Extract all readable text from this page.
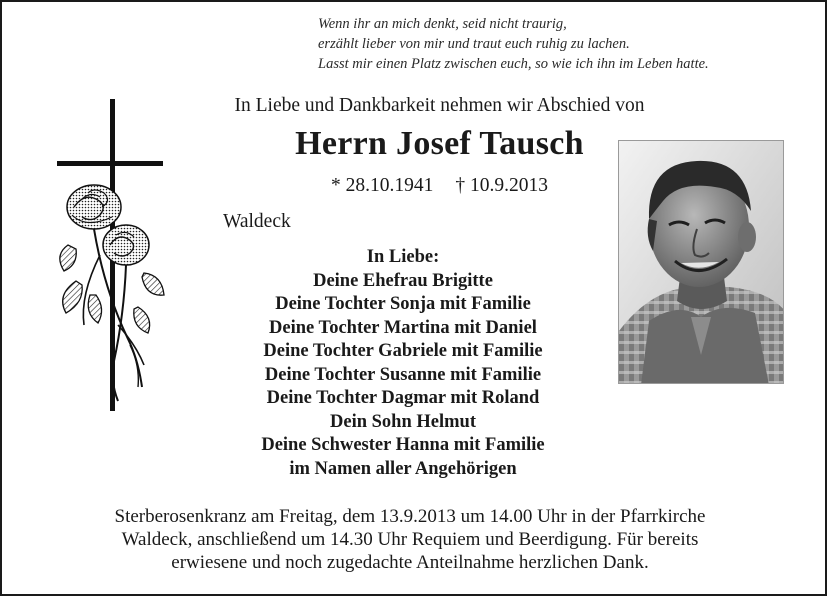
Wenn ihr an mich denkt, seid nicht traurig,
erzählt lieber von mir und traut euch ruhig zu lachen.
Lasst mir einen Platz zwischen euch, so wie ich ihn im Leben hatte.
In Liebe und Dankbarkeit nehmen wir Abschied von
Herrn Josef Tausch
* 28.10.1941 † 10.9.2013
Waldeck
In Liebe:
Deine Ehefrau Brigitte
Deine Tochter Sonja mit Familie
Deine Tochter Martina mit Daniel
Deine Tochter Gabriele mit Familie
Deine Tochter Susanne mit Familie
Deine Tochter Dagmar mit Roland
Dein Sohn Helmut
Deine Schwester Hanna mit Familie
im Namen aller Angehörigen
Sterberosenkranz am Freitag, dem 13.9.2013 um 14.00 Uhr in der Pfarrkirche
Waldeck, anschließend um 14.30 Uhr Requiem und Beerdigung. Für bereits
erwiesene und noch zugedachte Anteilnahme herzlichen Dank.
